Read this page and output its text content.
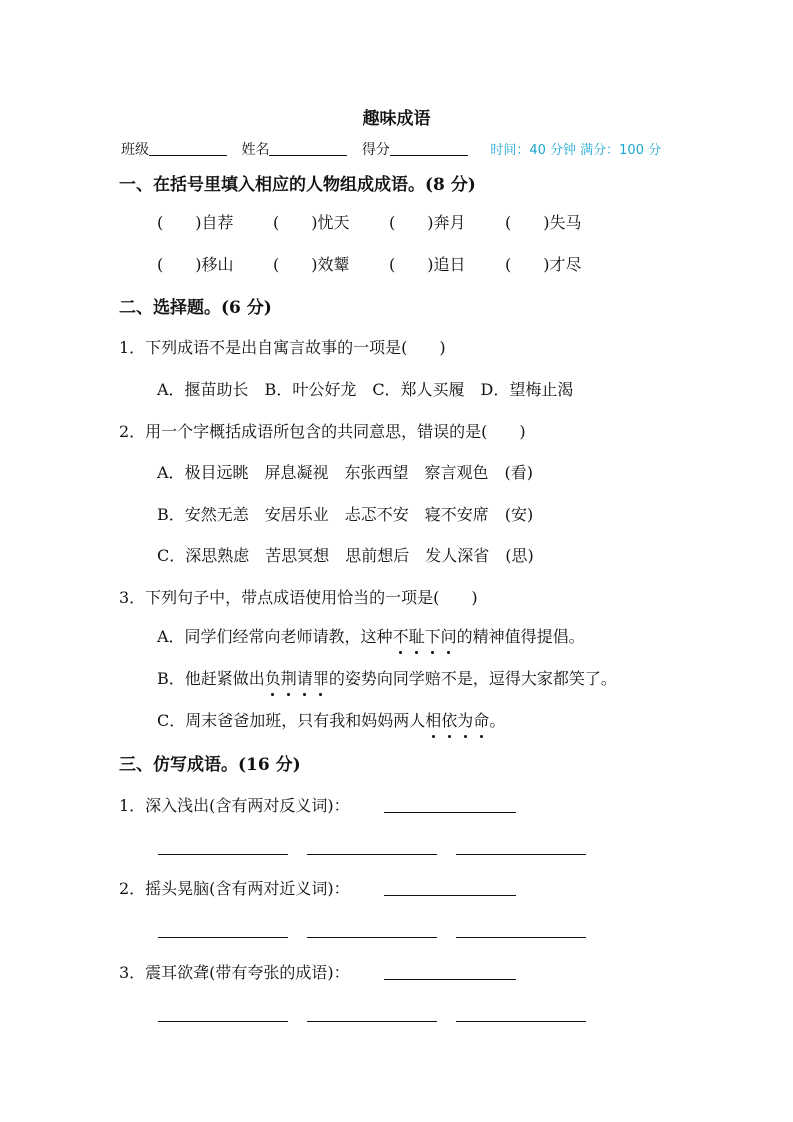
趣味成语
班级	姓名	得分	时间：40 分钟 满分：100 分
一、在括号里填入相应的人物组成成语。(8 分)
(　　)自荐 (　　)忧天 (　　)奔月 (　　)失马
(　　)移山 (　　)效颦 (　　)追日 (　　)才尽
二、选择题。(6 分)
1．下列成语不是出自寓言故事的一项是(　　)
A．揠苗助长　B．叶公好龙　C．郑人买履　D．望梅止渴
2．用一个字概括成语所包含的共同意思，错误的是(　　)
A．极目远眺　屏息凝视　东张西望　察言观色　(看)
B．安然无恙　安居乐业　忐忑不安　寝不安席　(安)
C．深思熟虑　苦思冥想　思前想后　发人深省　(思)
3．下列句子中，带点成语使用恰当的一项是(　　)
A．同学们经常向老师请教，这种不耻下问的精神值得提倡。
B．他赶紧做出负荆请罪的姿势向同学赔不是，逗得大家都笑了。
C．周末爸爸加班，只有我和妈妈两人相依为命。
三、仿写成语。(16 分)
1．深入浅出(含有两对反义词)：
2．摇头晃脑(含有两对近义词)：
3．震耳欲聋(带有夸张的成语)：
